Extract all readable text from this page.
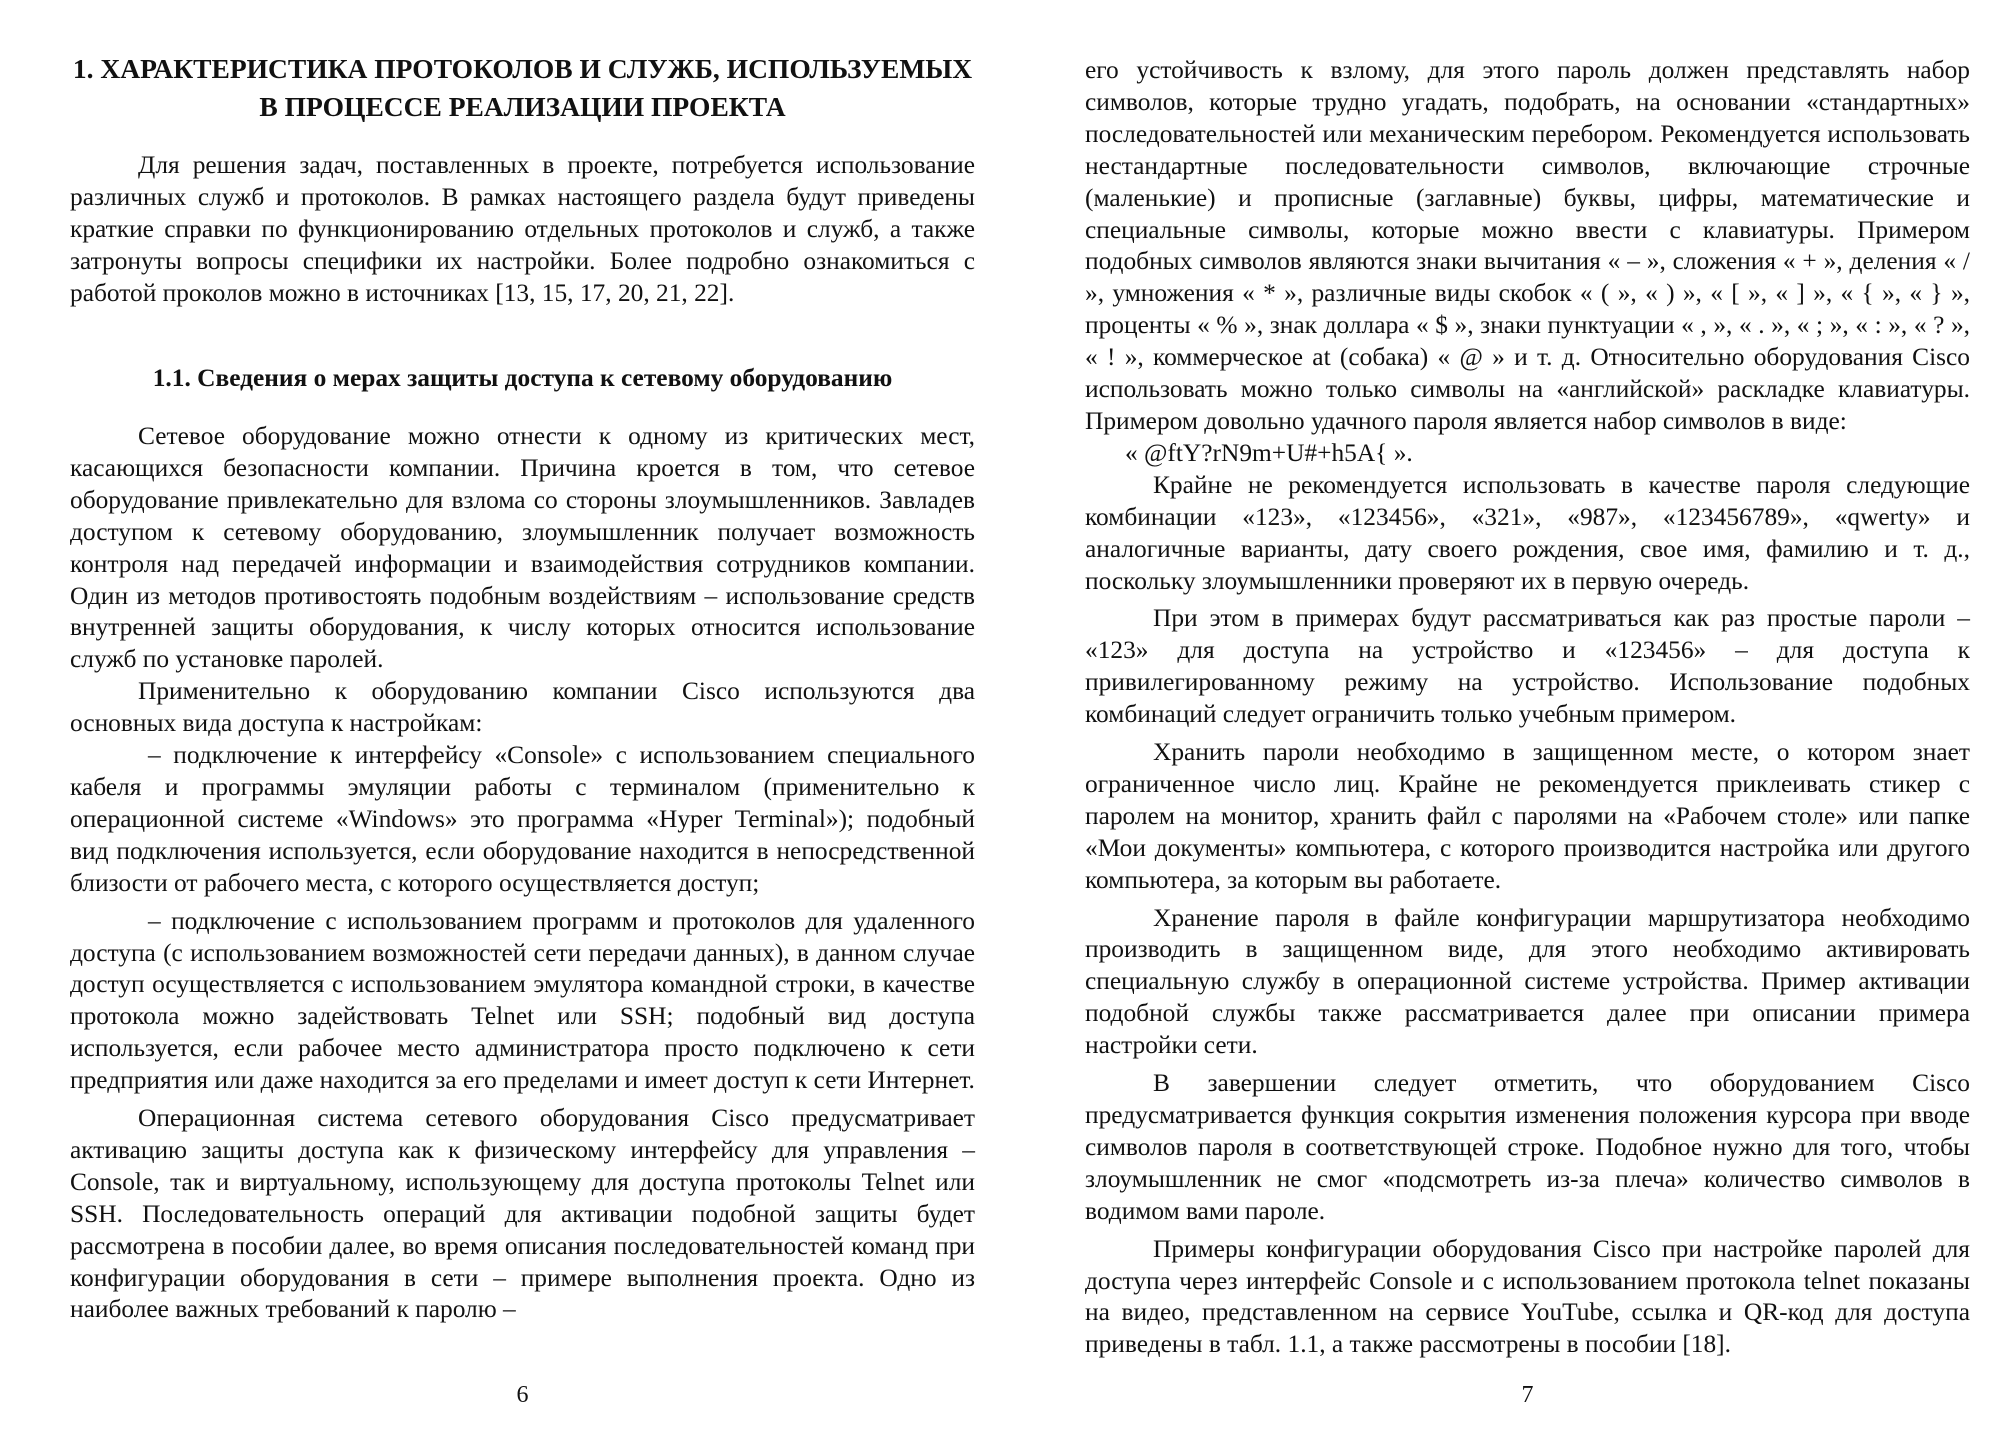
1. ХАРАКТЕРИСТИКА ПРОТОКОЛОВ И СЛУЖБ, ИСПОЛЬЗУЕМЫХ В ПРОЦЕССЕ РЕАЛИЗАЦИИ ПРОЕКТА

Для решения задач, поставленных в проекте, потребуется использование различных служб и протоколов. В рамках настоящего раздела будут приведены краткие справки по функционированию отдельных протоколов и служб, а также затронуты вопросы специфики их настройки. Более подробно ознакомиться с работой проколов можно в источниках [13, 15, 17, 20, 21, 22].

1.1. Сведения о мерах защиты доступа к сетевому оборудованию

Сетевое оборудование можно отнести к одному из критических мест, касающихся безопасности компании. Причина кроется в том, что сетевое оборудование привлекательно для взлома со стороны злоумышленников. Завладев доступом к сетевому оборудованию, злоумышленник получает возможность контроля над передачей информации и взаимодействия сотрудников компании. Один из методов противостоять подобным воздействиям – использование средств внутренней защиты оборудования, к числу которых относится использование служб по установке паролей.

Применительно к оборудованию компании Cisco используются два основных вида доступа к настройкам:

– подключение к интерфейсу «Console» с использованием специального кабеля и программы эмуляции работы с терминалом (применительно к операционной системе «Windows» это программа «Hyper Terminal»); подобный вид подключения используется, если оборудование находится в непосредственной близости от рабочего места, с которого осуществляется доступ;

– подключение с использованием программ и протоколов для удаленного доступа (с использованием возможностей сети передачи данных), в данном случае доступ осуществляется с использованием эмулятора командной строки, в качестве протокола можно задействовать Telnet или SSH; подобный вид доступа используется, если рабочее место администратора просто подключено к сети предприятия или даже находится за его пределами и имеет доступ к сети Интернет.

Операционная система сетевого оборудования Cisco предусматривает активацию защиты доступа как к физическому интерфейсу для управления – Console, так и виртуальному, использующему для доступа протоколы Telnet или SSH. Последовательность операций для активации подобной защиты будет рассмотрена в пособии далее, во время описания последовательностей команд при конфигурации оборудования в сети – примере выполнения проекта. Одно из наиболее важных требований к паролю –

6

его устойчивость к взлому, для этого пароль должен представлять набор символов, которые трудно угадать, подобрать, на основании «стандартных» последовательностей или механическим перебором. Рекомендуется использовать нестандартные последовательности символов, включающие строчные (маленькие) и прописные (заглавные) буквы, цифры, математические и специальные символы, которые можно ввести с клавиатуры. Примером подобных символов являются знаки вычитания « – », сложения « + », деления « / », умножения « * », различные виды скобок « ( », « ) », « [ », « ] », « { », « } », проценты « % », знак доллара « $ », знаки пунктуации « , », « . », « ; », « : », « ? », « ! », коммерческое at (собака) « @ » и т. д. Относительно оборудования Cisco использовать можно только символы на «английской» раскладке клавиатуры. Примером довольно удачного пароля является набор символов в виде:

« @ftY?rN9m+U#+h5A{ ».

Крайне не рекомендуется использовать в качестве пароля следующие комбинации «123», «123456», «321», «987», «123456789», «qwerty» и аналогичные варианты, дату своего рождения, свое имя, фамилию и т. д., поскольку злоумышленники проверяют их в первую очередь.

При этом в примерах будут рассматриваться как раз простые пароли – «123» для доступа на устройство и «123456» – для доступа к привилегированному режиму на устройство. Использование подобных комбинаций следует ограничить только учебным примером.

Хранить пароли необходимо в защищенном месте, о котором знает ограниченное число лиц. Крайне не рекомендуется приклеивать стикер с паролем на монитор, хранить файл с паролями на «Рабочем столе» или папке «Мои документы» компьютера, с которого производится настройка или другого компьютера, за которым вы работаете.

Хранение пароля в файле конфигурации маршрутизатора необходимо производить в защищенном виде, для этого необходимо активировать специальную службу в операционной системе устройства. Пример активации подобной службы также рассматривается далее при описании примера настройки сети.

В завершении следует отметить, что оборудованием Cisco предусматривается функция сокрытия изменения положения курсора при вводе символов пароля в соответствующей строке. Подобное нужно для того, чтобы злоумышленник не смог «подсмотреть из-за плеча» количество символов в водимом вами пароле.

Примеры конфигурации оборудования Cisco при настройке паролей для доступа через интерфейс Console и с использованием протокола telnet показаны на видео, представленном на сервисе YouTube, ссылка и QR-код для доступа приведены в табл. 1.1, а также рассмотрены в пособии [18].

7
